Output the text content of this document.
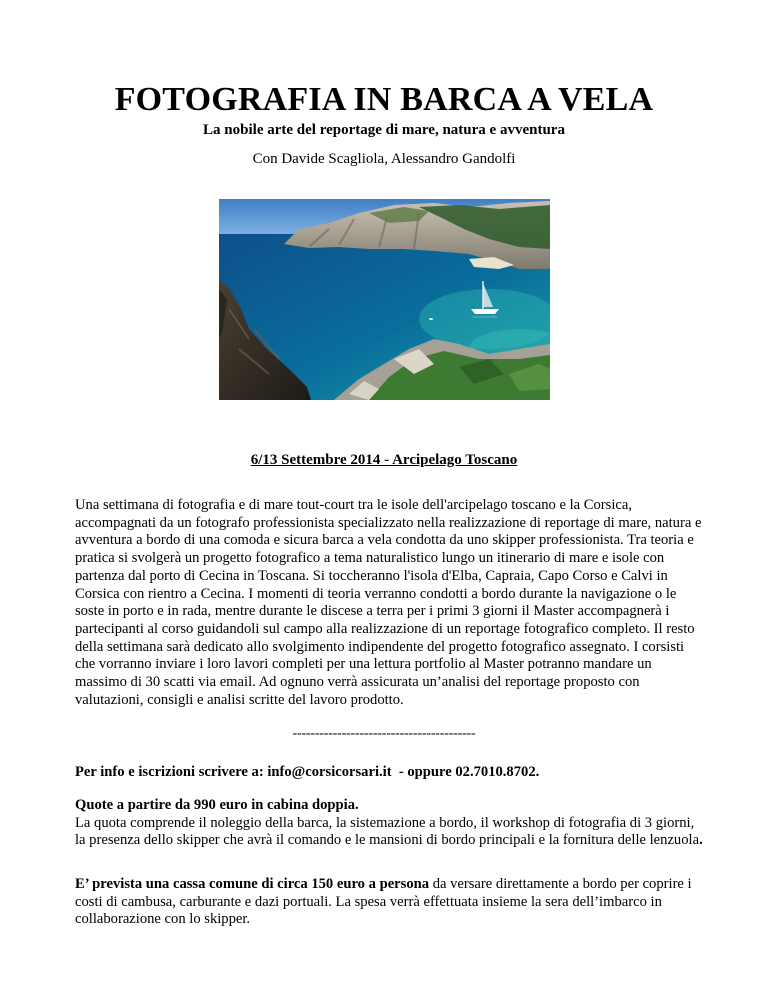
FOTOGRAFIA IN BARCA A VELA
La nobile arte del reportage di mare, natura e avventura
Con Davide Scagliola, Alessandro Gandolfi
6/13 Settembre 2014 - Arcipelago Toscano

Una settimana di fotografia e di mare tout-court tra le isole dell'arcipelago toscano e la Corsica, accompagnati da un fotografo professionista specializzato nella realizzazione di reportage di mare, natura e avventura a bordo di una comoda e sicura barca a vela condotta da uno skipper professionista. Tra teoria e pratica si svolgerà un progetto fotografico a tema naturalistico lungo un itinerario di mare e isole con partenza dal porto di Cecina in Toscana. Si toccheranno l'isola d'Elba, Capraia, Capo Corso e Calvi in Corsica con rientro a Cecina. I momenti di teoria verranno condotti a bordo durante la navigazione o le soste in porto e in rada, mentre durante le discese a terra per i primi 3 giorni il Master accompagnerà i partecipanti al corso guidandoli sul campo alla realizzazione di un reportage fotografico completo. Il resto della settimana sarà dedicato allo svolgimento indipendente del progetto fotografico assegnato. I corsisti che vorranno inviare i loro lavori completi per una lettura portfolio al Master potranno mandare un massimo di 30 scatti via email. Ad ognuno verrà assicurata un’analisi del reportage proposto con valutazioni, consigli e analisi scritte del lavoro prodotto.

-----------------------------------------
Per info e iscrizioni scrivere a: info@corsicorsari.it  - oppure 02.7010.8702.
Quote a partire da 990 euro in cabina doppia.
La quota comprende il noleggio della barca, la sistemazione a bordo, il workshop di fotografia di 3 giorni, la presenza dello skipper che avrà il comando e le mansioni di bordo principali e la fornitura delle lenzuola.
E’ prevista una cassa comune di circa 150 euro a persona da versare direttamente a bordo per coprire i costi di cambusa, carburante e dazi portuali. La spesa verrà effettuata insieme la sera dell’imbarco in collaborazione con lo skipper.
